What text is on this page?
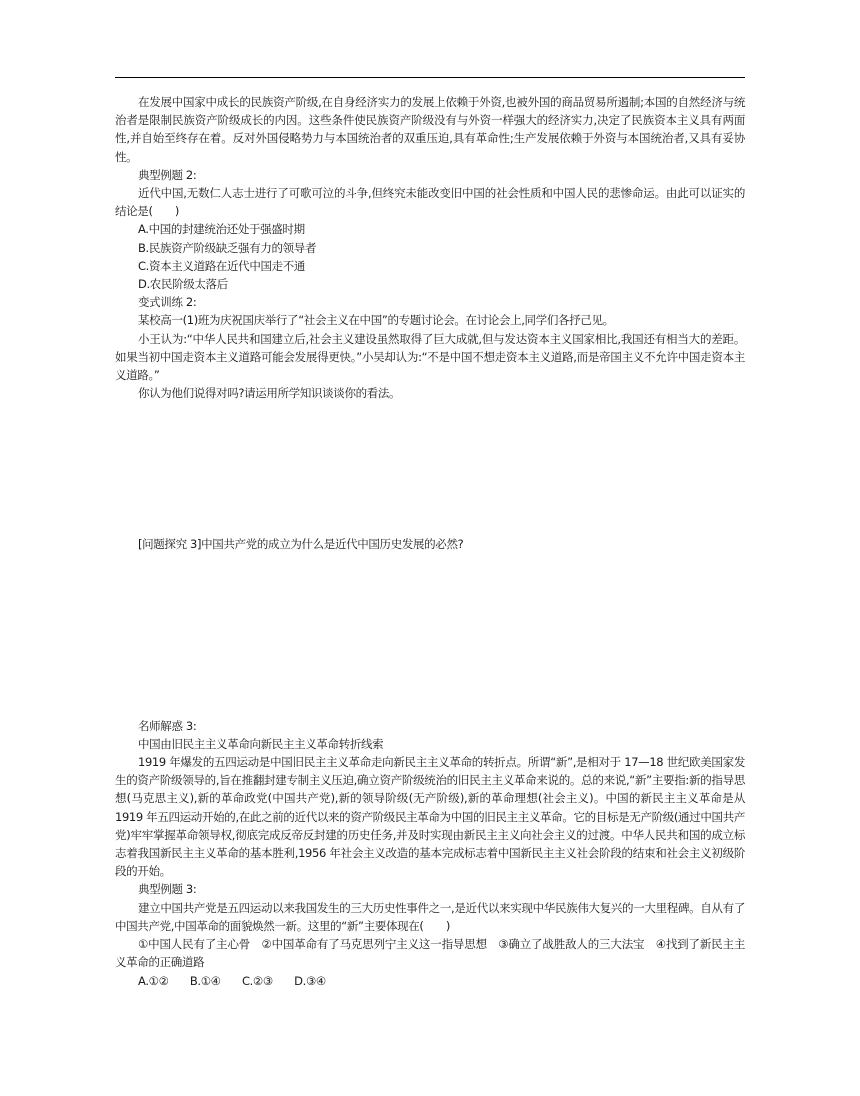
在发展中国家中成长的民族资产阶级,在自身经济实力的发展上依赖于外资,也被外国的商品贸易所遏制;本国的自然经济与统治者是限制民族资产阶级成长的内因。这些条件使民族资产阶级没有与外资一样强大的经济实力,决定了民族资本主义具有两面性,并自始至终存在着。反对外国侵略势力与本国统治者的双重压迫,具有革命性;生产发展依赖于外资与本国统治者,又具有妥协性。

典型例题 2:

近代中国,无数仁人志士进行了可歌可泣的斗争,但终究未能改变旧中国的社会性质和中国人民的悲惨命运。由此可以证实的结论是(　　)

A.中国的封建统治还处于强盛时期

B.民族资产阶级缺乏强有力的领导者

C.资本主义道路在近代中国走不通

D.农民阶级太落后

变式训练 2:

某校高一(1)班为庆祝国庆举行了“社会主义在中国”的专题讨论会。在讨论会上,同学们各抒己见。

小王认为:“中华人民共和国建立后,社会主义建设虽然取得了巨大成就,但与发达资本主义国家相比,我国还有相当大的差距。如果当初中国走资本主义道路可能会发展得更快。”小吴却认为:“不是中国不想走资本主义道路,而是帝国主义不允许中国走资本主义道路。”

你认为他们说得对吗?请运用所学知识谈谈你的看法。

[问题探究 3]中国共产党的成立为什么是近代中国历史发展的必然?

名师解惑 3:

中国由旧民主主义革命向新民主主义革命转折线索

1919 年爆发的五四运动是中国旧民主主义革命走向新民主主义革命的转折点。所谓“新”,是相对于 17—18 世纪欧美国家发生的资产阶级领导的,旨在推翻封建专制主义压迫,确立资产阶级统治的旧民主主义革命来说的。总的来说,“新”主要指:新的指导思想(马克思主义),新的革命政党(中国共产党),新的领导阶级(无产阶级),新的革命理想(社会主义)。中国的新民主主义革命是从 1919 年五四运动开始的,在此之前的近代以来的资产阶级民主革命为中国的旧民主主义革命。它的目标是无产阶级(通过中国共产党)牢牢掌握革命领导权,彻底完成反帝反封建的历史任务,并及时实现由新民主主义向社会主义的过渡。中华人民共和国的成立标志着我国新民主主义革命的基本胜利,1956 年社会主义改造的基本完成标志着中国新民主主义社会阶段的结束和社会主义初级阶段的开始。

典型例题 3:

建立中国共产党是五四运动以来我国发生的三大历史性事件之一,是近代以来实现中华民族伟大复兴的一大里程碑。自从有了中国共产党,中国革命的面貌焕然一新。这里的“新”主要体现在(　　)

①中国人民有了主心骨　②中国革命有了马克思列宁主义这一指导思想　③确立了战胜敌人的三大法宝　④找到了新民主主义革命的正确道路

A.①② B.①④ C.②③ D.③④
